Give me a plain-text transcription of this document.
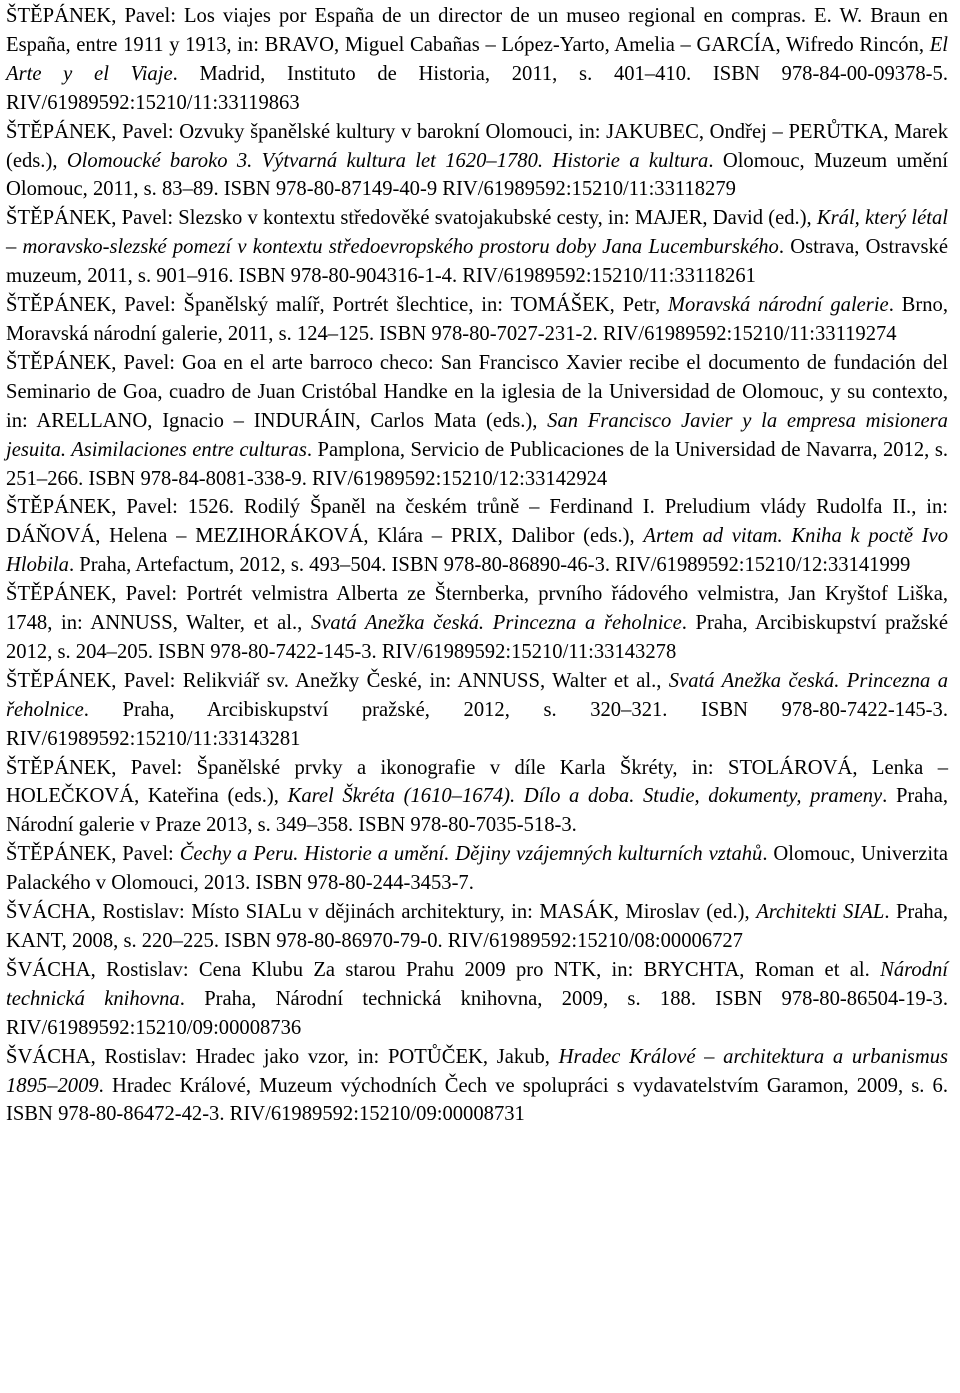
ŠTĚPÁNEK, Pavel: Los viajes por España de un director de un museo regional en compras. E. W. Braun en España, entre 1911 y 1913, in: BRAVO, Miguel Cabañas – López-Yarto, Amelia – GARCÍA, Wifredo Rincón, El Arte y el Viaje. Madrid, Instituto de Historia, 2011, s. 401–410. ISBN 978-84-00-09378-5. RIV/61989592:15210/11:33119863
ŠTĚPÁNEK, Pavel: Ozvuky španělské kultury v barokní Olomouci, in: JAKUBEC, Ondřej – PERŮTKA, Marek (eds.), Olomoucké baroko 3. Výtvarná kultura let 1620–1780. Historie a kultura. Olomouc, Muzeum umění Olomouc, 2011, s. 83–89. ISBN 978-80-87149-40-9 RIV/61989592:15210/11:33118279
ŠTĚPÁNEK, Pavel: Slezsko v kontextu středověké svatojakubské cesty, in: MAJER, David (ed.), Král, který létal – moravsko-slezské pomezí v kontextu středoevropského prostoru doby Jana Lucemburského. Ostrava, Ostravské muzeum, 2011, s. 901–916. ISBN 978-80-904316-1-4. RIV/61989592:15210/11:33118261
ŠTĚPÁNEK, Pavel: Španělský malíř, Portrét šlechtice, in: TOMÁŠEK, Petr, Moravská národní galerie. Brno, Moravská národní galerie, 2011, s. 124–125. ISBN 978-80-7027-231-2. RIV/61989592:15210/11:33119274
ŠTĚPÁNEK, Pavel: Goa en el arte barroco checo: San Francisco Xavier recibe el documento de fundación del Seminario de Goa, cuadro de Juan Cristóbal Handke en la iglesia de la Universidad de Olomouc, y su contexto, in: ARELLANO, Ignacio – INDURÁIN, Carlos Mata (eds.), San Francisco Javier y la empresa misionera jesuita. Asimilaciones entre culturas. Pamplona, Servicio de Publicaciones de la Universidad de Navarra, 2012, s. 251–266. ISBN 978-84-8081-338-9. RIV/61989592:15210/12:33142924
ŠTĚPÁNEK, Pavel: 1526. Rodilý Španěl na českém trůně – Ferdinand I. Preludium vlády Rudolfa II., in: DÁŇOVÁ, Helena – MEZIHORÁKOVÁ, Klára – PRIX, Dalibor (eds.), Artem ad vitam. Kniha k poctě Ivo Hlobila. Praha, Artefactum, 2012, s. 493–504. ISBN 978-80-86890-46-3. RIV/61989592:15210/12:33141999
ŠTĚPÁNEK, Pavel: Portrét velmistra Alberta ze Šternberka, prvního řádového velmistra, Jan Kryštof Liška, 1748, in: ANNUSS, Walter, et al., Svatá Anežka česká. Princezna a řeholnice. Praha, Arcibiskupství pražské 2012, s. 204–205. ISBN 978-80-7422-145-3. RIV/61989592:15210/11:33143278
ŠTĚPÁNEK, Pavel: Relikviář sv. Anežky České, in: ANNUSS, Walter et al., Svatá Anežka česká. Princezna a řeholnice. Praha, Arcibiskupství pražské, 2012, s. 320–321. ISBN 978-80-7422-145-3. RIV/61989592:15210/11:33143281
ŠTĚPÁNEK, Pavel: Španělské prvky a ikonografie v díle Karla Škréty, in: STOLÁROVÁ, Lenka – HOLEČKOVÁ, Kateřina (eds.), Karel Škréta (1610–1674). Dílo a doba. Studie, dokumenty, prameny. Praha, Národní galerie v Praze 2013, s. 349–358. ISBN 978-80-7035-518-3.
ŠTĚPÁNEK, Pavel: Čechy a Peru. Historie a umění. Dějiny vzájemných kulturních vztahů. Olomouc, Univerzita Palackého v Olomouci, 2013. ISBN 978-80-244-3453-7.
ŠVÁCHA, Rostislav: Místo SIALu v dějinách architektury, in: MASÁK, Miroslav (ed.), Architekti SIAL. Praha, KANT, 2008, s. 220–225. ISBN 978-80-86970-79-0. RIV/61989592:15210/08:00006727
ŠVÁCHA, Rostislav: Cena Klubu Za starou Prahu 2009 pro NTK, in: BRYCHTA, Roman et al. Národní technická knihovna. Praha, Národní technická knihovna, 2009, s. 188. ISBN 978-80-86504-19-3. RIV/61989592:15210/09:00008736
ŠVÁCHA, Rostislav: Hradec jako vzor, in: POTŮČEK, Jakub, Hradec Králové – architektura a urbanismus 1895–2009. Hradec Králové, Muzeum východních Čech ve spolupráci s vydavatelstvím Garamon, 2009, s. 6. ISBN 978-80-86472-42-3. RIV/61989592:15210/09:00008731
